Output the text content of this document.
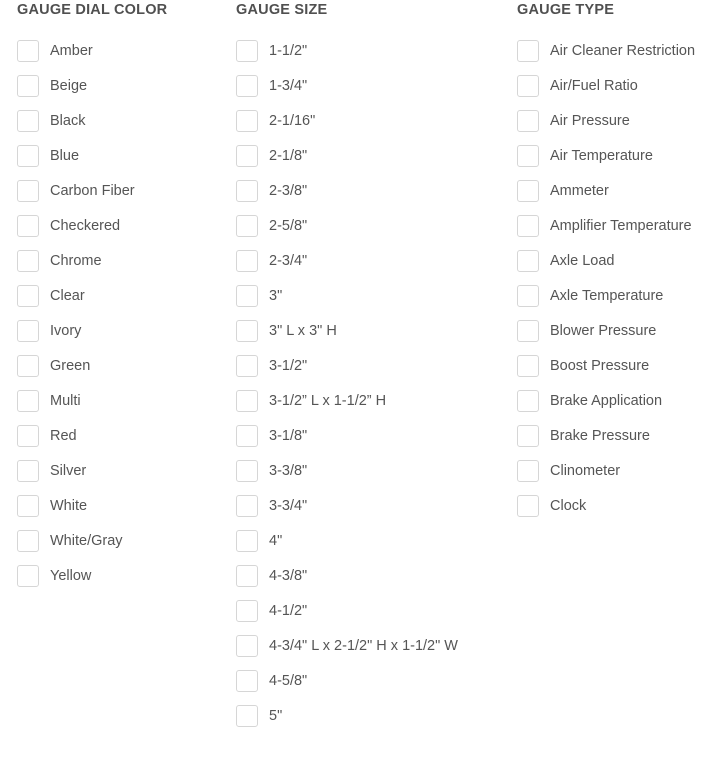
GAUGE DIAL COLOR
Amber
Beige
Black
Blue
Carbon Fiber
Checkered
Chrome
Clear
Ivory
Green
Multi
Red
Silver
White
White/Gray
Yellow
GAUGE SIZE
1-1/2"
1-3/4"
2-1/16"
2-1/8"
2-3/8"
2-5/8"
2-3/4"
3"
3" L x 3" H
3-1/2"
3-1/2” L x 1-1/2” H
3-1/8"
3-3/8"
3-3/4"
4"
4-3/8"
4-1/2"
4-3/4" L x 2-1/2" H x 1-1/2" W
4-5/8"
5"
GAUGE TYPE
Air Cleaner Restriction
Air/Fuel Ratio
Air Pressure
Air Temperature
Ammeter
Amplifier Temperature
Axle Load
Axle Temperature
Blower Pressure
Boost Pressure
Brake Application
Brake Pressure
Clinometer
Clock
